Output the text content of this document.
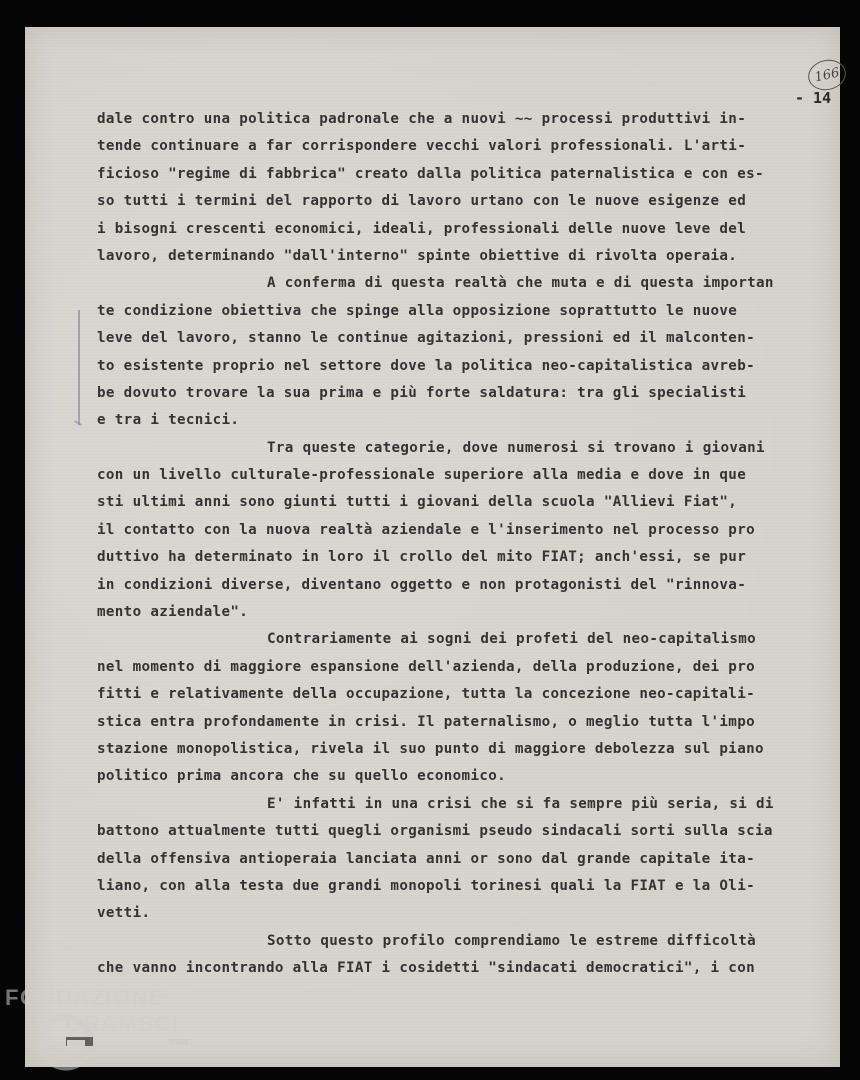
166
- 14
dale contro una politica padronale che a nuovi ~~ processi produttivi in-
tende continuare a far corrispondere vecchi valori professionali. L'arti-
ficioso "regime di fabbrica" creato dalla politica paternalistica e con es-
so tutti i termini del rapporto di lavoro urtano con le nuove esigenze ed
i bisogni crescenti economici, ideali, professionali delle nuove leve del
lavoro, determinando "dall'interno" spinte obiettive di rivolta operaia.
A conferma di questa realtà che muta e di questa importan
te condizione obiettiva che spinge alla opposizione soprattutto le nuove
leve del lavoro, stanno le continue agitazioni, pressioni ed il malconten-
to esistente proprio nel settore dove la politica neo-capitalistica avreb-
be dovuto trovare la sua prima e più forte saldatura: tra gli specialisti
e tra i tecnici.
Tra queste categorie, dove numerosi si trovano i giovani
con un livello culturale-professionale superiore alla media e dove in que
sti ultimi anni sono giunti tutti i giovani della scuola "Allievi Fiat",
il contatto con la nuova realtà aziendale e l'inserimento nel processo pro
duttivo ha determinato in loro il crollo del mito FIAT; anch'essi, se pur
in condizioni diverse, diventano oggetto e non protagonisti del "rinnova-
mento aziendale".
Contrariamente ai sogni dei profeti del neo-capitalismo
nel momento di maggiore espansione dell'azienda, della produzione, dei pro
fitti e relativamente della occupazione, tutta la concezione neo-capitali-
stica entra profondamente in crisi. Il paternalismo, o meglio tutta l'impo
stazione monopolistica, rivela il suo punto di maggiore debolezza sul piano
politico prima ancora che su quello economico.
E' infatti in una crisi che si fa sempre più seria, si di
battono attualmente tutti quegli organismi pseudo sindacali sorti sulla scia
della offensiva antioperaia lanciata anni or sono dal grande capitale ita-
liano, con alla testa due grandi monopoli torinesi quali la FIAT e la Oli-
vetti.
Sotto questo profilo comprendiamo le estreme difficoltà
che vanno incontrando alla FIAT i cosidetti "sindacati democratici", i con
FONDAZIONE
GRAMSCI
onlus
